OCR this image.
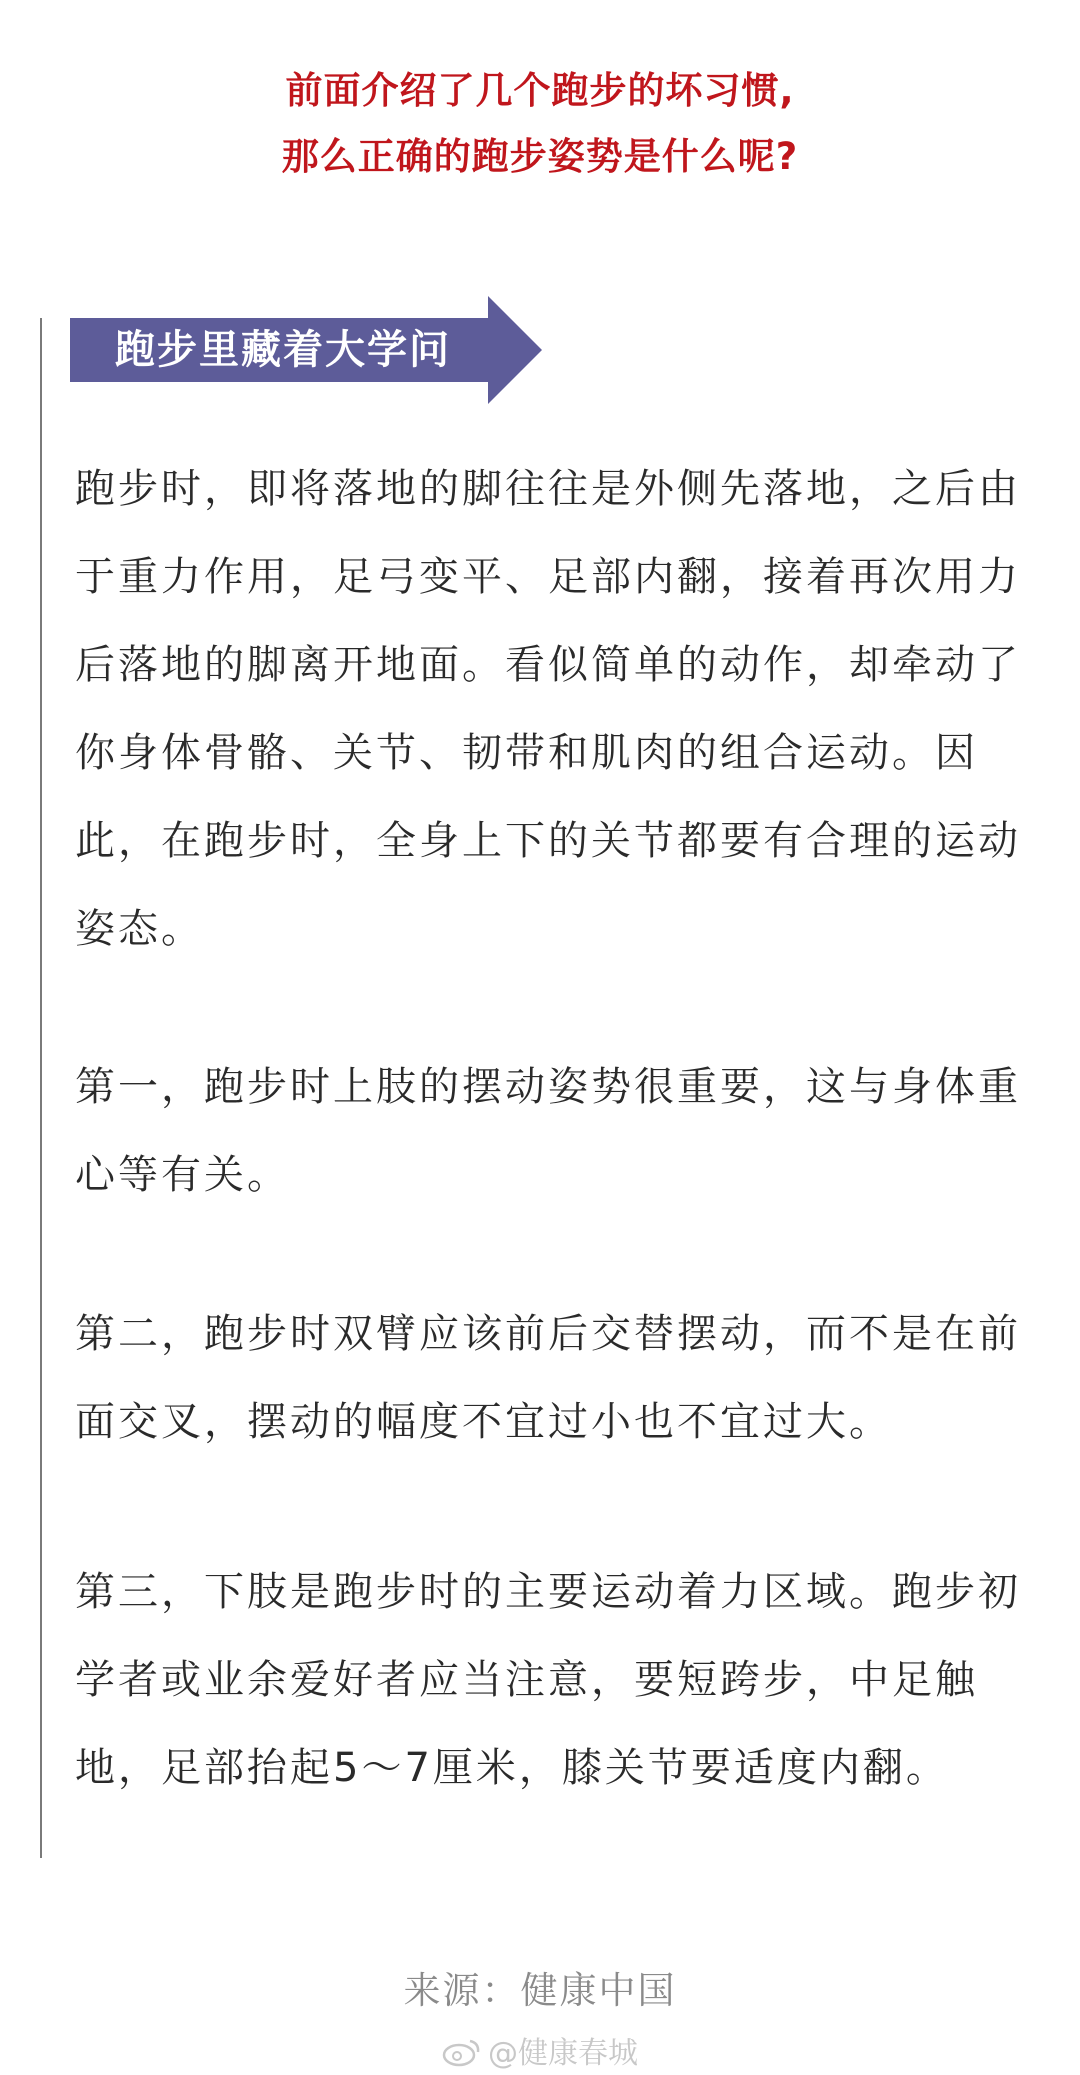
前面介绍了几个跑步的坏习惯,
那么正确的跑步姿势是什么呢?
跑步里藏着大学问

跑步时，即将落地的脚往往是外侧先落地，之后由于重力作用，足弓变平、足部内翻，接着再次用力后落地的脚离开地面。看似简单的动作，却牵动了你身体骨骼、关节、韧带和肌肉的组合运动。因此，在跑步时，全身上下的关节都要有合理的运动姿态。

第一，跑步时上肢的摆动姿势很重要，这与身体重心等有关。

第二，跑步时双臂应该前后交替摆动，而不是在前面交叉，摆动的幅度不宜过小也不宜过大。

第三，下肢是跑步时的主要运动着力区域。跑步初学者或业余爱好者应当注意，要短跨步，中足触地，足部抬起5～7厘米，膝关节要适度内翻。

来源：健康中国
@健康春城
